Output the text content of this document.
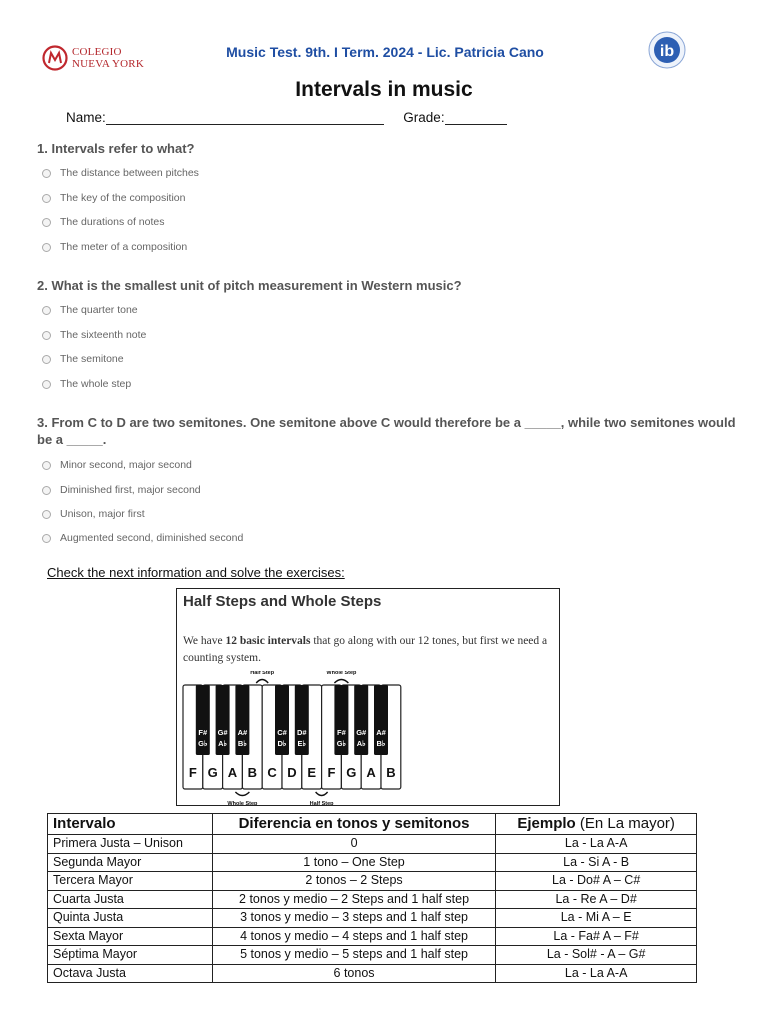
COLEGIO
NUEVA YORK
Music Test. 9th. I Term. 2024 - Lic. Patricia Cano	ib
Intervals in music
Name:	Grade:
1. Intervals refer to what?
The distance between pitches
The key of the composition
The durations of notes
The meter of a composition
2. What is the smallest unit of pitch measurement in Western music?
The quarter tone
The sixteenth note
The semitone
The whole step
3. From C to D are two semitones. One semitone above C would therefore be a _____, while two semitones would
be a _____.
Minor second, major second
Diminished first, major second
Unison, major first
Augmented second, diminished second
Check the next information and solve the exercises:
Half Steps and Whole Steps
We have 12 basic intervals that go along with our 12 tones, but first we need a counting system.
F G A B C D E F G A B
F#
G♭
G#
A♭
A#
B♭
C#
D♭
D#
E♭
F#
G♭
G#
A♭
A#
B♭
Half Step	Whole Step
Whole Step	Half Step
Intervalo	Diferencia en tonos y semitonos	Ejemplo (En La mayor)
Primera Justa – Unison	0	La - La A-A
Segunda Mayor	1 tono – One Step	La - Si A - B
Tercera Mayor	2 tonos – 2 Steps	La - Do# A – C#
Cuarta Justa	2 tonos y medio – 2 Steps and 1 half step	La - Re A – D#
Quinta Justa	3 tonos y medio – 3 steps and 1 half step	La - Mi A – E
Sexta Mayor	4 tonos y medio – 4 steps and 1 half step	La - Fa# A – F#
Séptima Mayor	5 tonos y medio – 5 steps and 1 half step	La - Sol# - A – G#
Octava Justa	6 tonos	La - La A-A
